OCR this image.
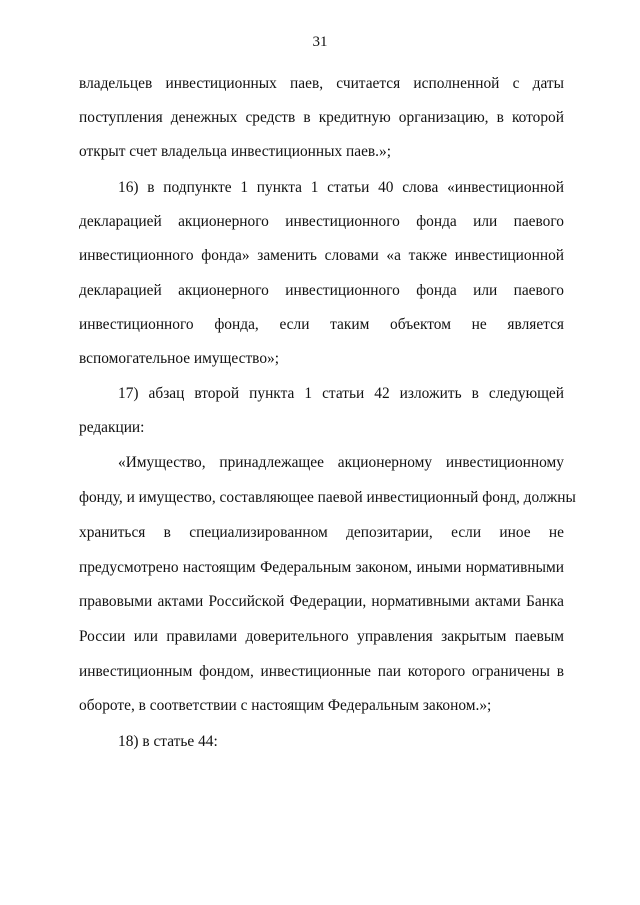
31
владельцев инвестиционных паев, считается исполненной с даты
поступления денежных средств в кредитную организацию, в которой
открыт счет владельца инвестиционных паев.»;
16) в подпункте 1 пункта 1 статьи 40 слова «инвестиционной
декларацией акционерного инвестиционного фонда или паевого
инвестиционного фонда» заменить словами «а также инвестиционной
декларацией акционерного инвестиционного фонда или паевого
инвестиционного фонда, если таким объектом не является
вспомогательное имущество»;
17) абзац второй пункта 1 статьи 42 изложить в следующей
редакции:
«Имущество, принадлежащее акционерному инвестиционному
фонду, и имущество, составляющее паевой инвестиционный фонд, должны
храниться в специализированном депозитарии, если иное не
предусмотрено настоящим Федеральным законом, иными нормативными
правовыми актами Российской Федерации, нормативными актами Банка
России или правилами доверительного управления закрытым паевым
инвестиционным фондом, инвестиционные паи которого ограничены в
обороте, в соответствии с настоящим Федеральным законом.»;
18) в статье 44:
